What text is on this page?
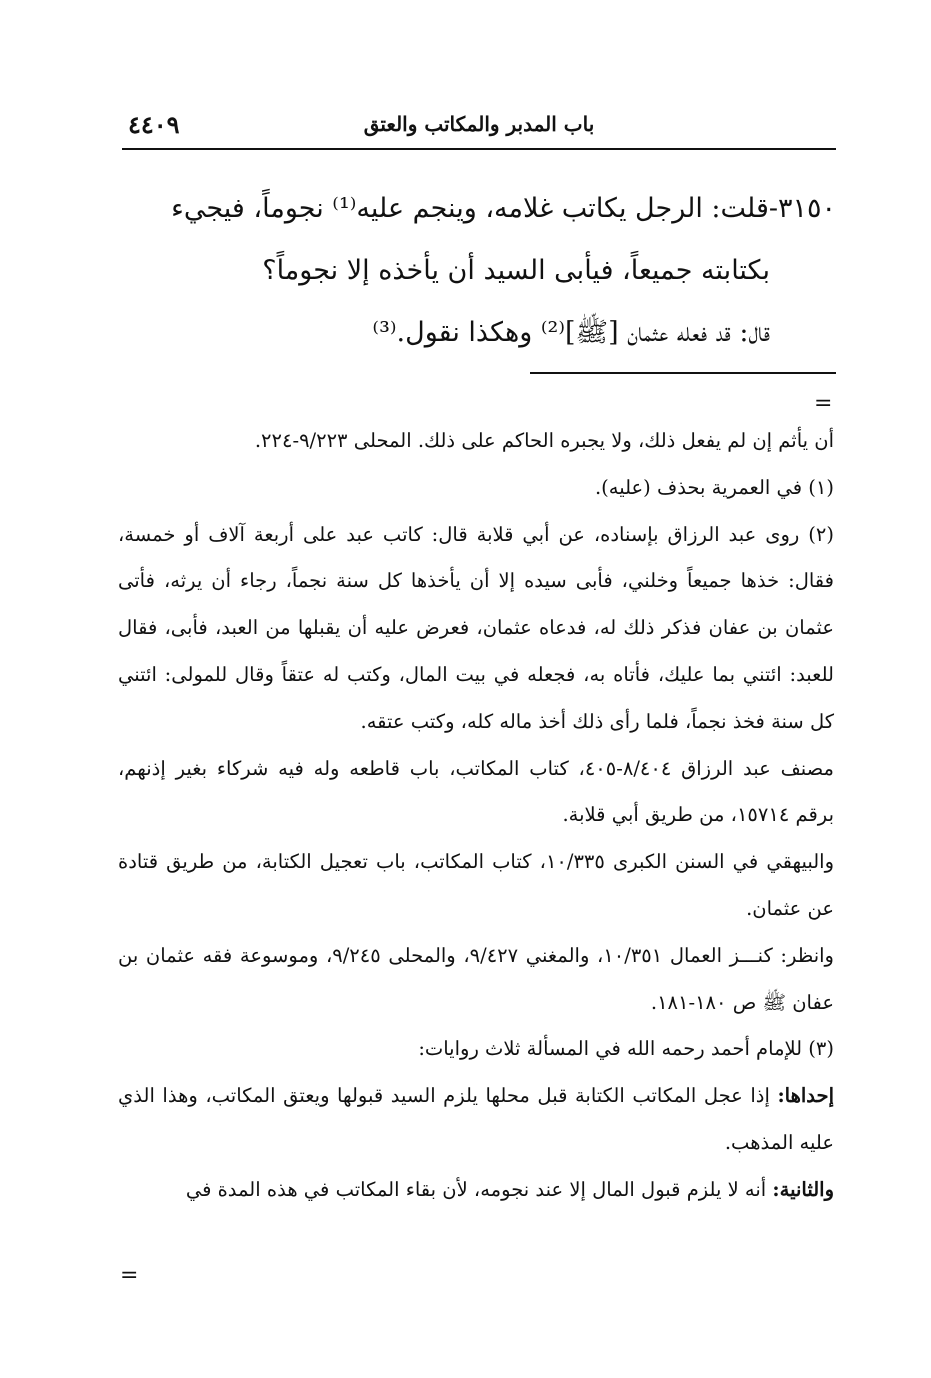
٤٤٠٩	باب المدبر والمكاتب والعتق

٣١٥٠-قلت: الرجل يكاتب غلامه، وينجم عليه⁽¹⁾ نجوماً، فيجيء

بكتابته جميعاً، فيأبى السيد أن يأخذه إلا نجوماً؟

قال: قد فعله عثمان [ﷺ]⁽²⁾ وهكذا نقول.⁽³⁾

=

أن يأثم إن لم يفعل ذلك، ولا يجبره الحاكم على ذلك. المحلى ٩/٢٢٣-٢٢٤.

(١) في العمرية بحذف (عليه).

(٢) روى عبد الرزاق بإسناده، عن أبي قلابة قال: كاتب عبد على أربعة آلاف أو خمسة، فقال: خذها جميعاً وخلني، فأبى سيده إلا أن يأخذها كل سنة نجماً، رجاء أن يرثه، فأتى عثمان بن عفان فذكر ذلك له، فدعاه عثمان، فعرض عليه أن يقبلها من العبد، فأبى، فقال للعبد: ائتني بما عليك، فأتاه به، فجعله في بيت المال، وكتب له عتقاً وقال للمولى: ائتني كل سنة فخذ نجماً، فلما رأى ذلك أخذ ماله كله، وكتب عتقه.

مصنف عبد الرزاق ٨/٤٠٤-٤٠٥، كتاب المكاتب، باب قاطعه وله فيه شركاء بغير إذنهم، برقم ١٥٧١٤، من طريق أبي قلابة.

والبيهقي في السنن الكبرى ١٠/٣٣٥، كتاب المكاتب، باب تعجيل الكتابة، من طريق قتادة عن عثمان.

وانظر: كنـــز العمال ١٠/٣٥١، والمغني ٩/٤٢٧، والمحلى ٩/٢٤٥، وموسوعة فقه عثمان بن عفان ﷺ ص ١٨٠-١٨١.

(٣) للإمام أحمد رحمه الله في المسألة ثلاث روايات:

إحداها: إذا عجل المكاتب الكتابة قبل محلها يلزم السيد قبولها ويعتق المكاتب، وهذا الذي عليه المذهب.

والثانية: أنه لا يلزم قبول المال إلا عند نجومه، لأن بقاء المكاتب في هذه المدة في

=
